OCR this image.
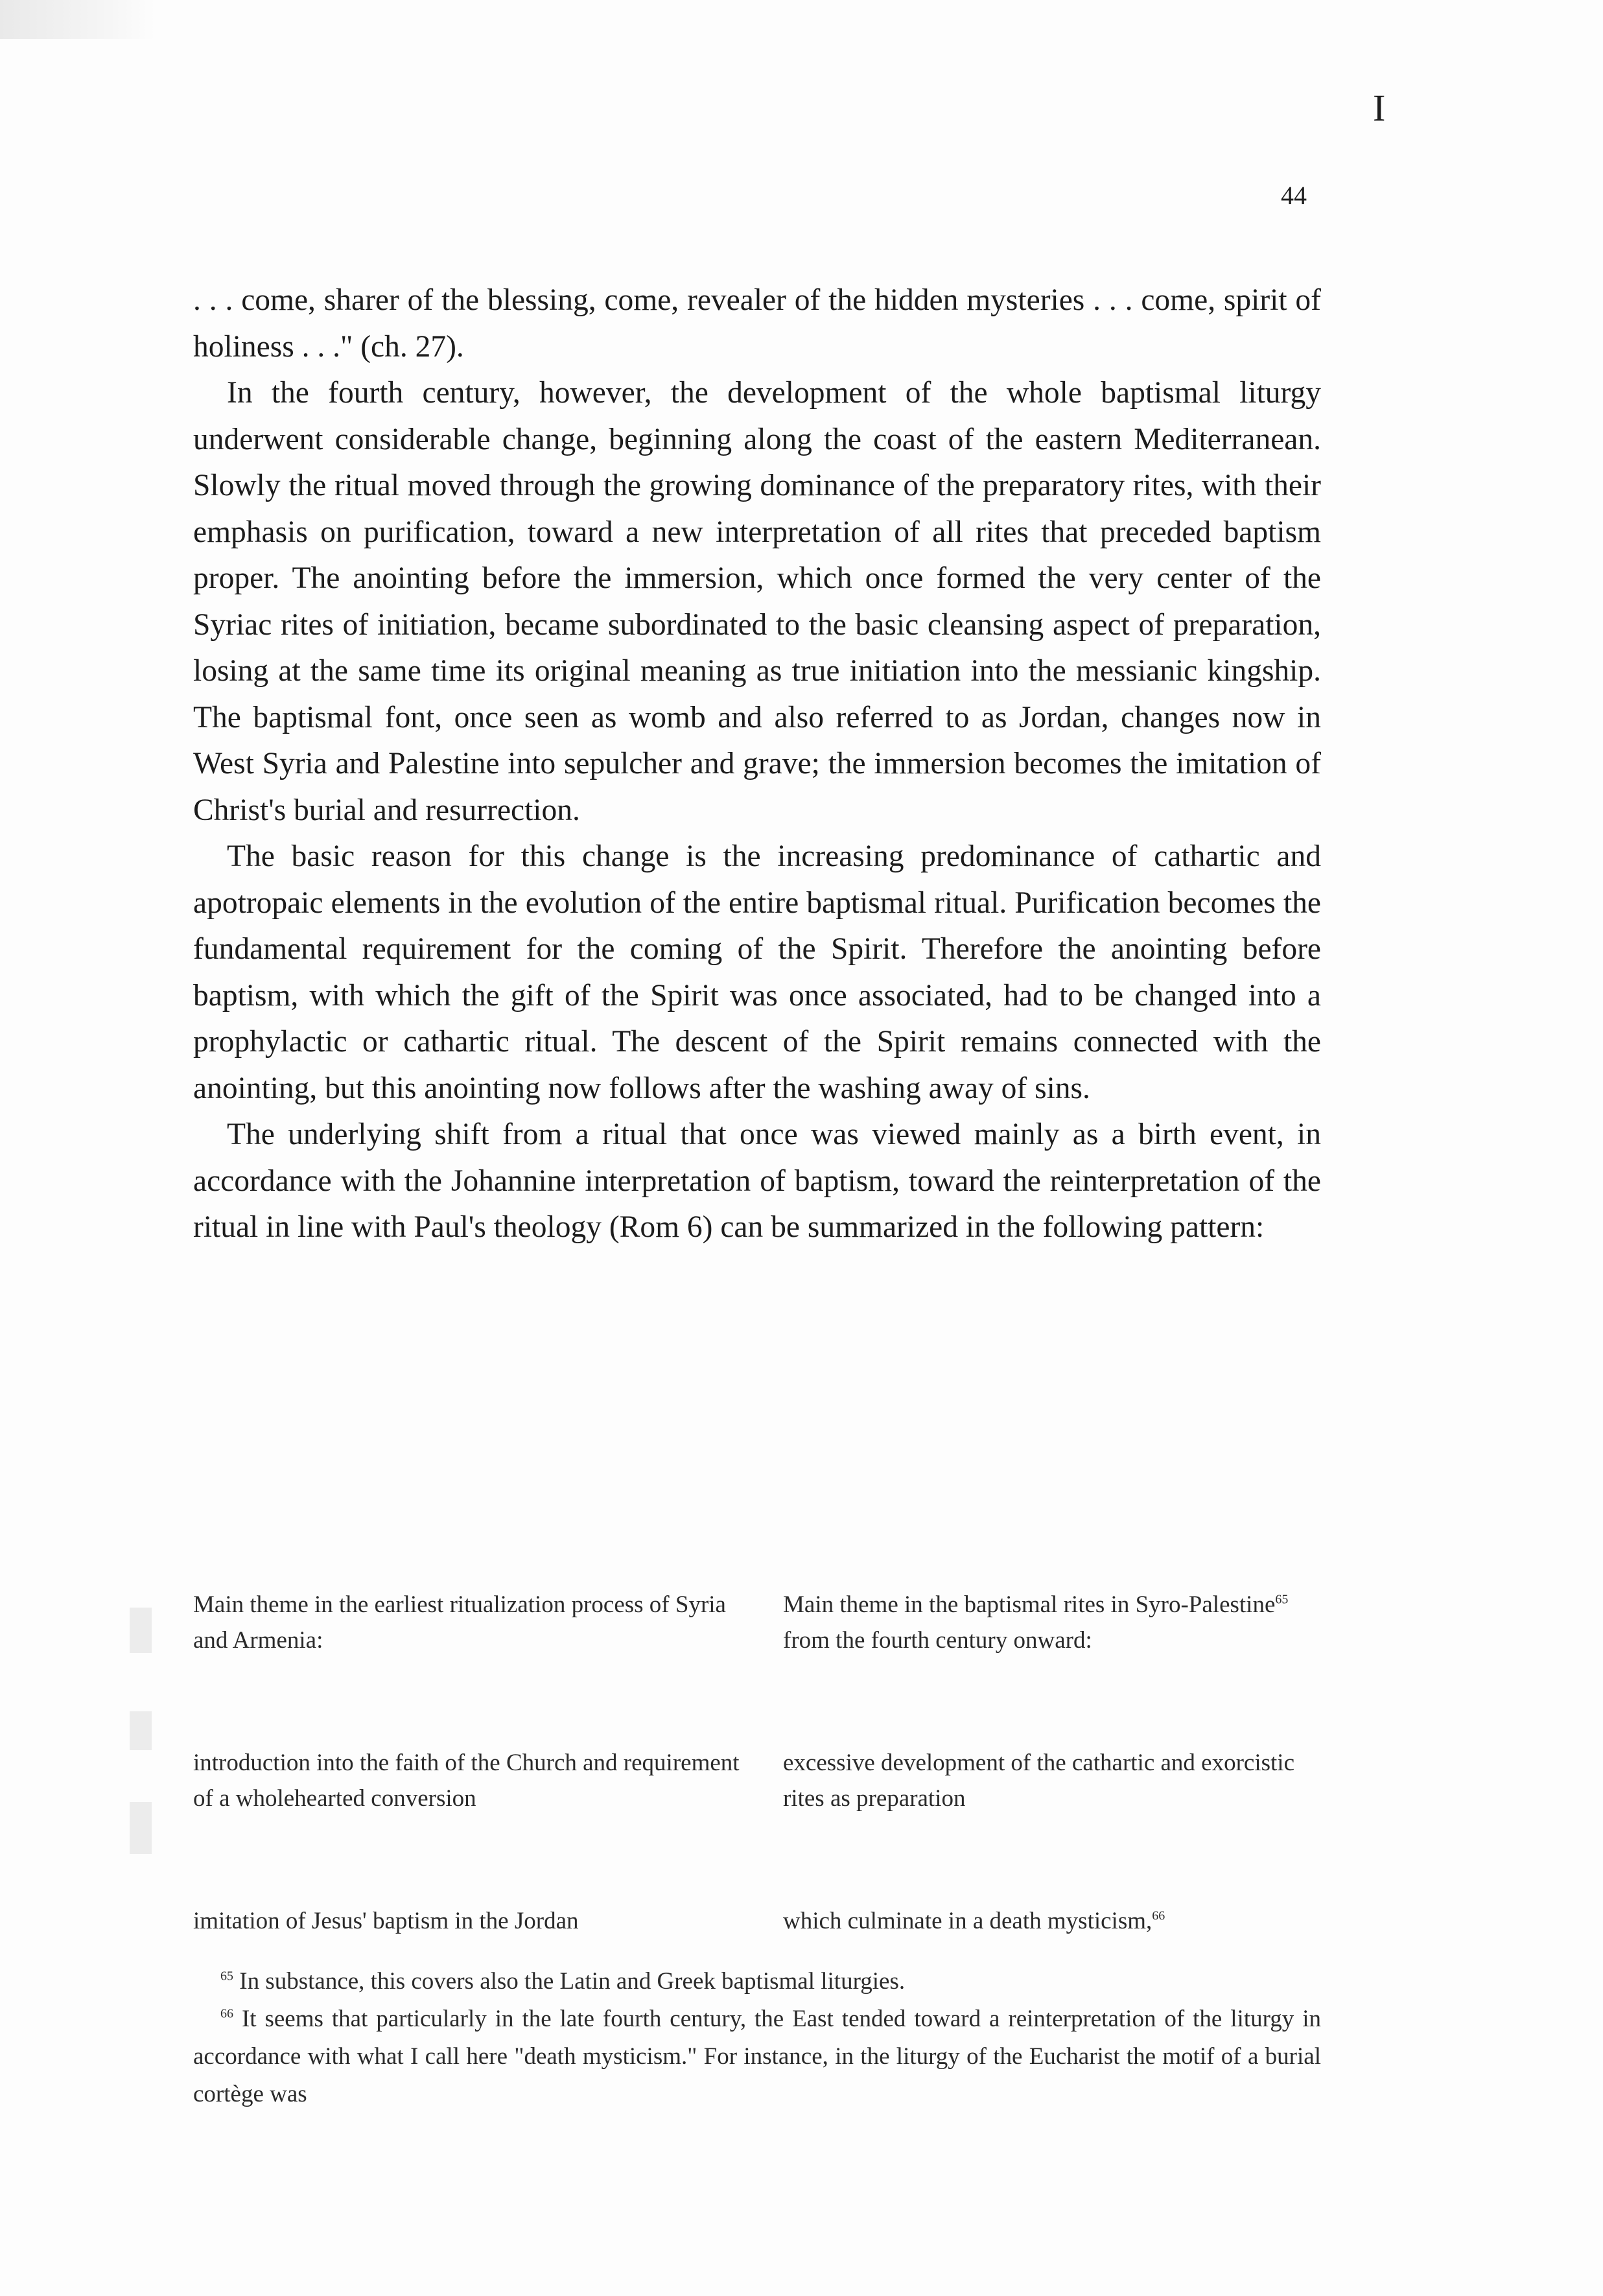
I
44

. . . come, sharer of the blessing, come, revealer of the hidden mysteries . . . come, spirit of holiness . . ." (ch. 27).

In the fourth century, however, the development of the whole baptismal liturgy underwent considerable change, beginning along the coast of the eastern Mediterranean. Slowly the ritual moved through the growing dominance of the preparatory rites, with their emphasis on purification, toward a new interpretation of all rites that preceded baptism proper. The anointing before the immersion, which once formed the very center of the Syriac rites of initiation, became subordinated to the basic cleansing aspect of preparation, losing at the same time its original meaning as true initiation into the messianic kingship. The baptismal font, once seen as womb and also referred to as Jordan, changes now in West Syria and Palestine into sepulcher and grave; the immersion becomes the imitation of Christ's burial and resurrection.

The basic reason for this change is the increasing predominance of cathartic and apotropaic elements in the evolution of the entire baptismal ritual. Purification becomes the fundamental requirement for the coming of the Spirit. Therefore the anointing before baptism, with which the gift of the Spirit was once associated, had to be changed into a prophylactic or cathartic ritual. The descent of the Spirit remains connected with the anointing, but this anointing now follows after the washing away of sins.

The underlying shift from a ritual that once was viewed mainly as a birth event, in accordance with the Johannine interpretation of baptism, toward the reinterpretation of the ritual in line with Paul's theology (Rom 6) can be summarized in the following pattern:

Main theme in the earliest ritualization process of Syria and Armenia:
Main theme in the baptismal rites in Syro-Palestine$^{65}$ from the fourth century onward:
introduction into the faith of the Church and requirement of a wholehearted conversion
excessive development of the cathartic and exorcistic rites as preparation
imitation of Jesus' baptism in the Jordan	which culminate in a death mysticism,$^{66}$

$^{65}$ In substance, this covers also the Latin and Greek baptismal liturgies.

$^{66}$ It seems that particularly in the late fourth century, the East tended toward a reinterpretation of the liturgy in accordance with what I call here "death mysticism." For instance, in the liturgy of the Eucharist the motif of a burial cortège was
